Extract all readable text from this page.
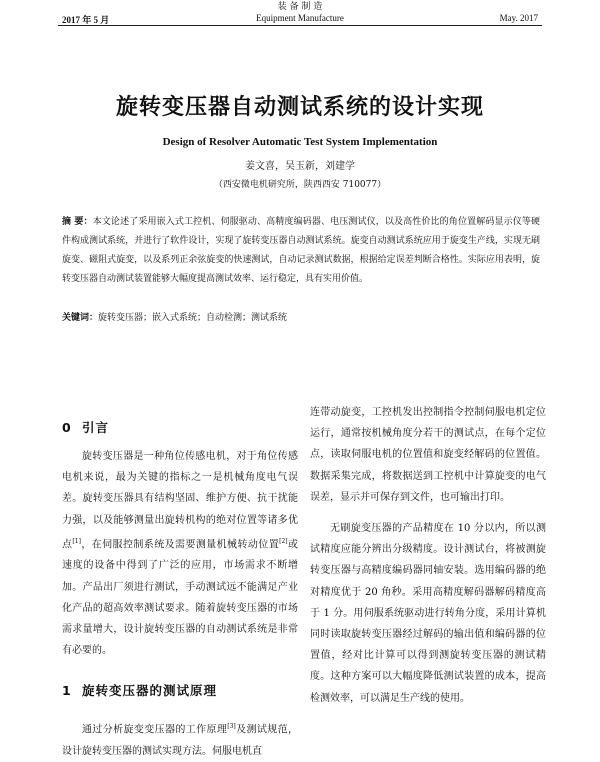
2017 年 5 月
装 备 制 造
Equipment Manufacture	May. 2017
旋转变压器自动测试系统的设计实现
Design of Resolver Automatic Test System Implementation
姜文喜，吴玉新，刘建学
（西安微电机研究所，陕西西安 710077）
摘 要：本文论述了采用嵌入式工控机、伺服驱动、高精度编码器、电压测试仪，以及高性价比的角位置解码显示仪等硬件构成测试系统，并进行了软件设计，实现了旋转变压器自动测试系统。旋变自动测试系统应用于旋变生产线，实现无刷旋变、磁阻式旋变，以及系列正余弦旋变的快速测试，自动记录测试数据，根据给定误差判断合格性。实际应用表明，旋转变压器自动测试装置能够大幅度提高测试效率、运行稳定，具有实用价值。
关键词：旋转变压器；嵌入式系统；自动检测；测试系统
0 引言

旋转变压器是一种角位传感电机，对于角位传感电机来说，最为关键的指标之一是机械角度电气误差。旋转变压器具有结构坚固、维护方便、抗干扰能力强，以及能够测量出旋转机构的绝对位置等诸多优点[1]，在伺服控制系统及需要测量机械转动位置[2]或速度的设备中得到了广泛的应用，市场需求不断增加。产品出厂须进行测试，手动测试远不能满足产业化产品的超高效率测试要求。随着旋转变压器的市场需求量增大，设计旋转变压器的自动测试系统是非常有必要的。

1 旋转变压器的测试原理

通过分析旋变变压器的工作原理[3]及测试规范，设计旋转变压器的测试实现方法。伺服电机直

连带动旋变，工控机发出控制指令控制伺服电机定位运行，通常按机械角度分若干的测试点，在每个定位点，读取伺服电机的位置值和旋变经解码的位置值。数据采集完成，将数据送到工控机中计算旋变的电气误差，显示并可保存到文件，也可输出打印。

无刷旋变压器的产品精度在 10 分以内，所以测试精度应能分辨出分级精度。设计测试台，将被测旋转变压器与高精度编码器同轴安装。选用编码器的绝对精度优于 20 角秒。采用高精度解码器解码精度高于 1 分。用伺服系统驱动进行转角分度，采用计算机同时读取旋转变压器经过解码的输出值和编码器的位置值，经对比计算可以得到测旋转变压器的测试精度。这种方案可以大幅度降低测试装置的成本，提高检测效率，可以满足生产线的使用。
